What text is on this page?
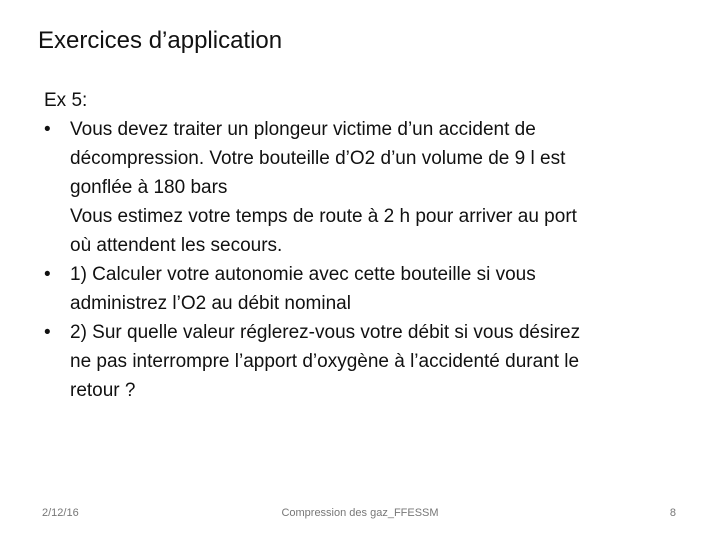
Exercices d’application

Ex 5:

• Vous devez traiter un plongeur victime d’un accident de
décompression. Votre bouteille d’O2 d’un volume de 9 l est
gonflée à 180 bars
Vous estimez votre temps de route à 2 h pour arriver au port
où attendent les secours.
• 1) Calculer votre autonomie avec cette bouteille si vous
administrez l’O2 au débit nominal
• 2) Sur quelle valeur réglerez-vous votre débit si vous désirez
ne pas interrompre l’apport d’oxygène à l’accidenté durant le
retour ?
2/12/16	Compression des gaz_FFESSM	8
